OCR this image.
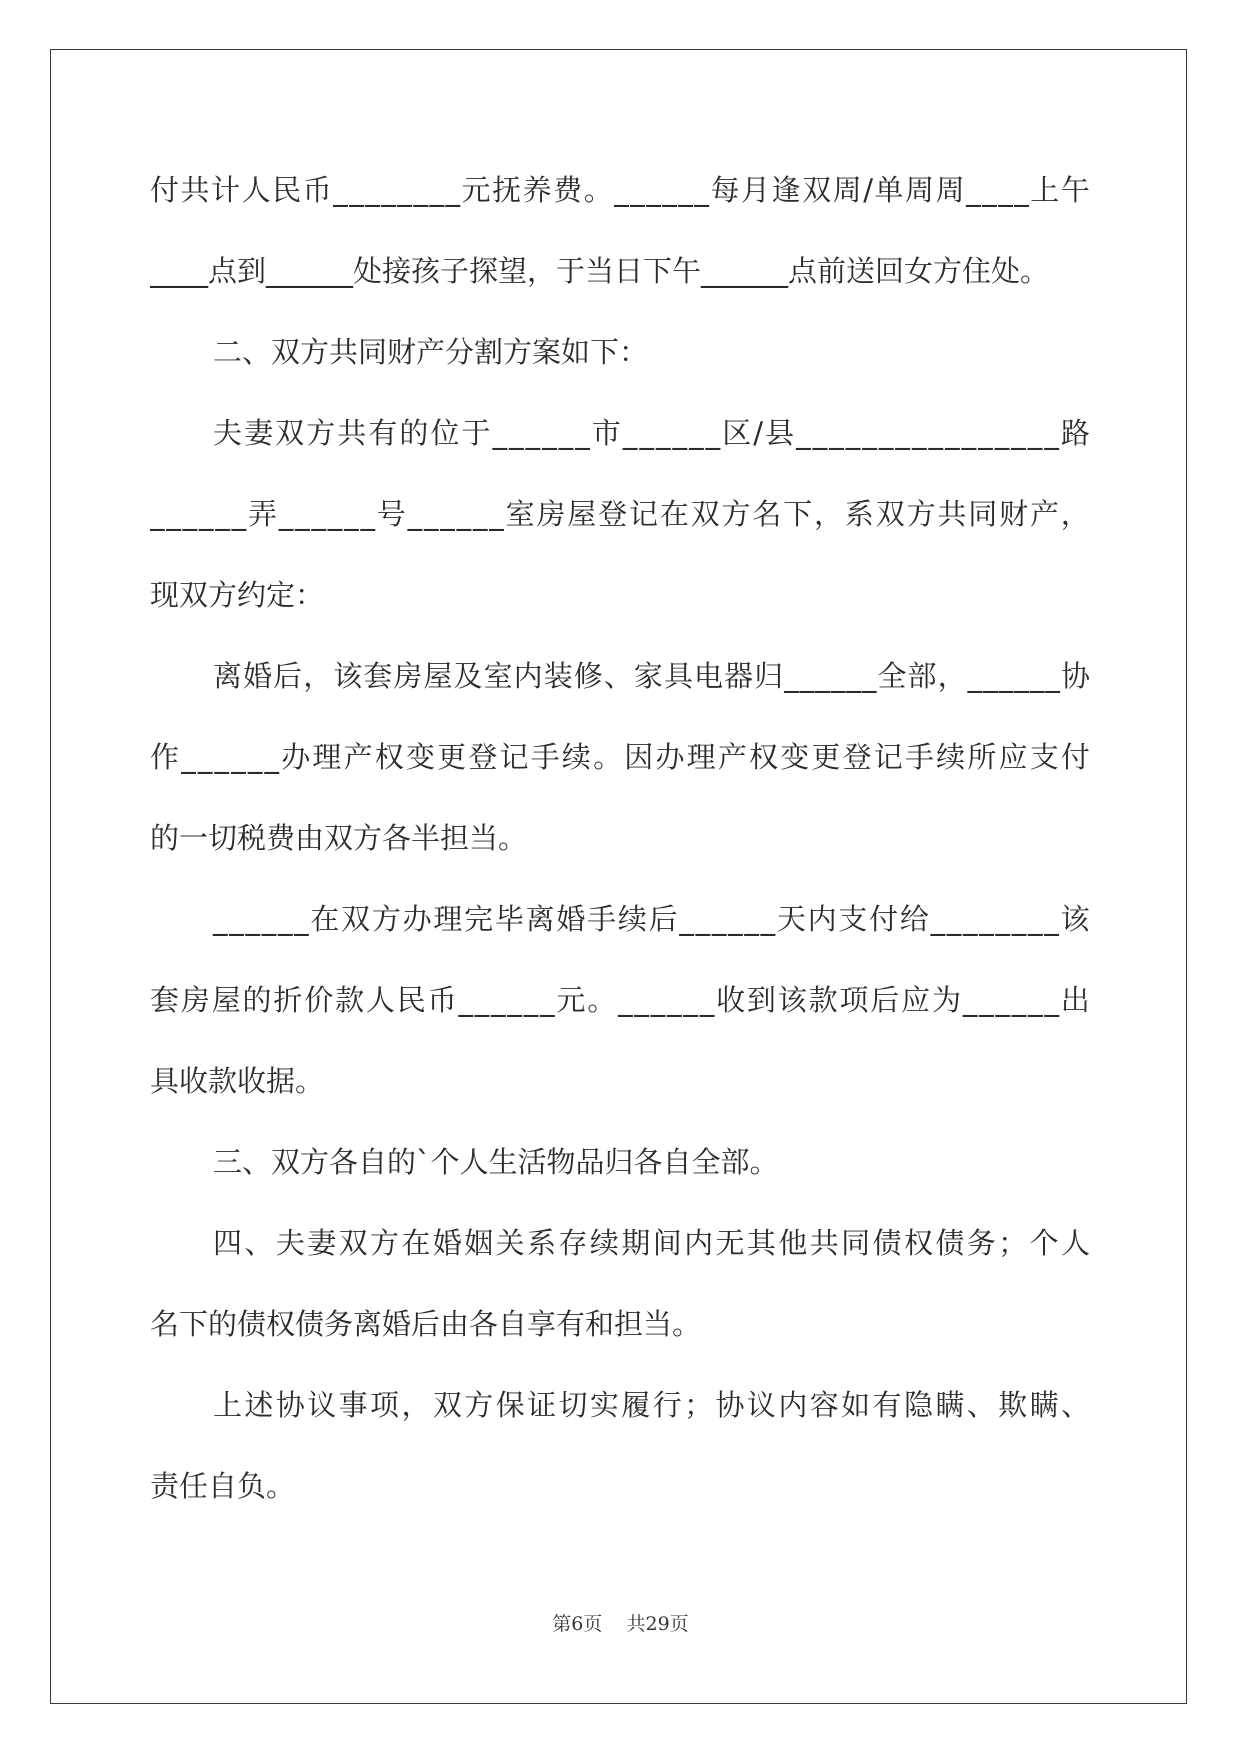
付 共 计 人 民 币 _ _ _ _ _ _ _ _ 元 抚 养 费 。 _ _ _ _ _ _ 每 月 逢 双 周 / 单 周 周 _ _ _ _ 上 午
____点到______处接孩子探望，于当日下午______点前送回女方住处。
二、双方共同财产分割方案如下：
夫 妻 双 方 共 有 的 位 于 _ _ _ _ _ _ 市 _ _ _ _ _ _ 区 / 县 _ _ _ _ _ _ _ _ _ _ _ _ _ _ _ _ 路
_ _ _ _ _ _ 弄 _ _ _ _ _ _ 号 _ _ _ _ _ _ 室 房 屋 登 记 在 双 方 名 下 ， 系 双 方 共 同 财 产 ，
现双方约定：
离 婚 后 ， 该 套 房 屋 及 室 内 装 修 、 家 具 电 器 归 _ _ _ _ _ _ 全 部 ， _ _ _ _ _ _ 协
作 _ _ _ _ _ _ 办 理 产 权 变 更 登 记 手 续 。 因 办 理 产 权 变 更 登 记 手 续 所 应 支 付
的一切税费由双方各半担当。
_ _ _ _ _ _ 在 双 方 办 理 完 毕 离 婚 手 续 后 _ _ _ _ _ _ 天 内 支 付 给 _ _ _ _ _ _ _ _ 该
套 房 屋 的 折 价 款 人 民 币 _ _ _ _ _ _ 元 。 _ _ _ _ _ _ 收 到 该 款 项 后 应 为 _ _ _ _ _ _ 出
具收款收据。
三、双方各自的`个人生活物品归各自全部。
四 、 夫 妻 双 方 在 婚 姻 关 系 存 续 期 间 内 无 其 他 共 同 债 权 债 务 ； 个 人
名下的债权债务离婚后由各自享有和担当。
上 述 协 议 事 项 ， 双 方 保 证 切 实 履 行 ； 协 议 内 容 如 有 隐 瞒 、 欺 瞒 、
责任自负。
第6页    共29页
